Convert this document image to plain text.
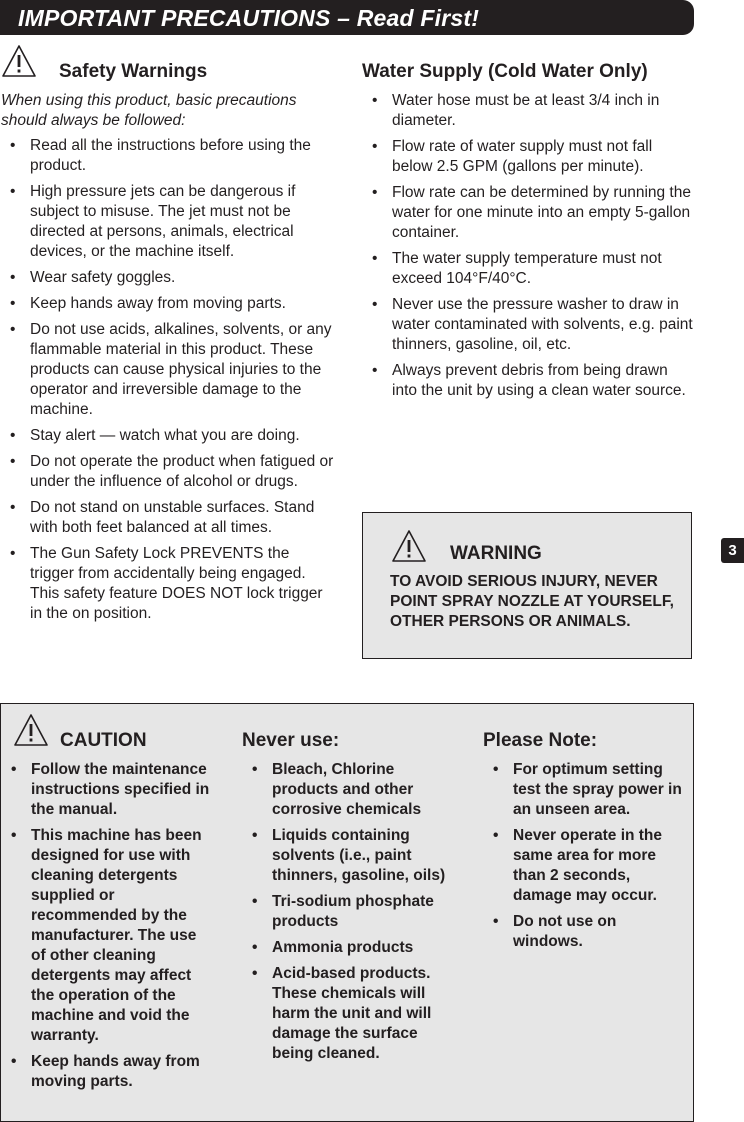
IMPORTANT PRECAUTIONS – Read First!
Safety Warnings

When using this product, basic precautions should always be followed:

• Read all the instructions before using the product.
• High pressure jets can be dangerous if subject to misuse. The jet must not be directed at persons, animals, electrical devices, or the machine itself.
• Wear safety goggles.
• Keep hands away from moving parts.
• Do not use acids, alkalines, solvents, or any flammable material in this product. These products can cause physical injuries to the operator and irreversible damage to the machine.
• Stay alert — watch what you are doing.
• Do not operate the product when fatigued or under the influence of alcohol or drugs.
• Do not stand on unstable surfaces. Stand with both feet balanced at all times.
• The Gun Safety Lock PREVENTS the trigger from accidentally being engaged. This safety feature DOES NOT lock trigger in the on position.
Water Supply (Cold Water Only)
• Water hose must be at least 3/4 inch in diameter.
• Flow rate of water supply must not fall below 2.5 GPM (gallons per minute).
• Flow rate can be determined by running the water for one minute into an empty 5-gallon container.
• The water supply temperature must not exceed 104°F/40°C.
• Never use the pressure washer to draw in water contaminated with solvents, e.g. paint thinners, gasoline, oil, etc.
• Always prevent debris from being drawn into the unit by using a clean water source.
WARNING

TO AVOID SERIOUS INJURY, NEVER POINT SPRAY NOZZLE AT YOURSELF, OTHER PERSONS OR ANIMALS.

3
CAUTION
• Follow the maintenance instructions specified in the manual.
• This machine has been designed for use with cleaning detergents supplied or recommended by the manufacturer. The use of other cleaning detergents may affect the operation of the machine and void the warranty.
• Keep hands away from moving parts.
Never use:
• Bleach, Chlorine products and other corrosive chemicals
• Liquids containing solvents (i.e., paint thinners, gasoline, oils)
• Tri-sodium phosphate products
• Ammonia products
• Acid-based products. These chemicals will harm the unit and will damage the surface being cleaned.
Please Note:
• For optimum setting test the spray power in an unseen area.
• Never operate in the same area for more than 2 seconds, damage may occur.
• Do not use on windows.
